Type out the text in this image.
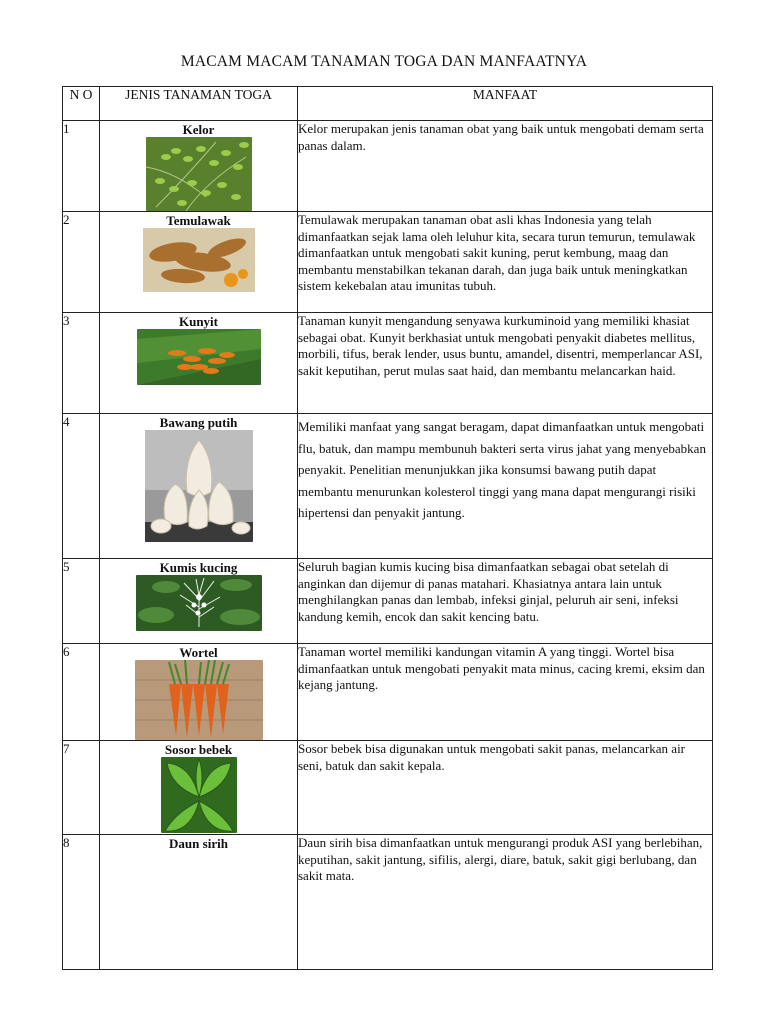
MACAM MACAM TANAMAN TOGA DAN MANFAATNYA
N O	JENIS TANAMAN TOGA	MANFAAT
1	Kelor	Kelor merupakan jenis tanaman obat yang baik untuk mengobati demam serta panas dalam.
2	Temulawak	Temulawak merupakan tanaman obat asli khas Indonesia yang telah dimanfaatkan sejak lama oleh leluhur kita, secara turun temurun, temulawak dimanfaatkan untuk mengobati sakit kuning, perut kembung, maag dan membantu menstabilkan tekanan darah, dan juga baik untuk meningkatkan sistem kekebalan atau imunitas tubuh.
3	Kunyit	Tanaman kunyit mengandung senyawa kurkuminoid yang memiliki khasiat sebagai obat. Kunyit berkhasiat untuk mengobati penyakit diabetes mellitus, morbili, tifus, berak lender, usus buntu, amandel, disentri, memperlancar ASI, sakit keputihan, perut mulas saat haid, dan membantu melancarkan haid.
4	Bawang putih	Memiliki manfaat yang sangat beragam, dapat dimanfaatkan untuk mengobati flu, batuk, dan mampu membunuh bakteri serta virus jahat yang menyebabkan penyakit. Penelitian menunjukkan jika konsumsi bawang putih dapat membantu menurunkan kolesterol tinggi yang mana dapat mengurangi risiki hipertensi dan penyakit jantung.
5	Kumis kucing	Seluruh bagian kumis kucing bisa dimanfaatkan sebagai obat setelah di anginkan dan dijemur di panas matahari. Khasiatnya antara lain untuk menghilangkan panas dan lembab, infeksi ginjal, peluruh air seni, infeksi kandung kemih, encok dan sakit kencing batu.
6	Wortel	Tanaman wortel memiliki kandungan vitamin A yang tinggi. Wortel bisa dimanfaatkan untuk mengobati penyakit mata minus, cacing kremi, eksim dan kejang jantung.
7	Sosor bebek	Sosor bebek bisa digunakan untuk mengobati sakit panas, melancarkan air seni, batuk dan sakit kepala.
8	Daun sirih	Daun sirih bisa dimanfaatkan untuk mengurangi produk ASI yang berlebihan, keputihan, sakit jantung, sifilis, alergi, diare, batuk, sakit gigi berlubang, dan sakit mata.
